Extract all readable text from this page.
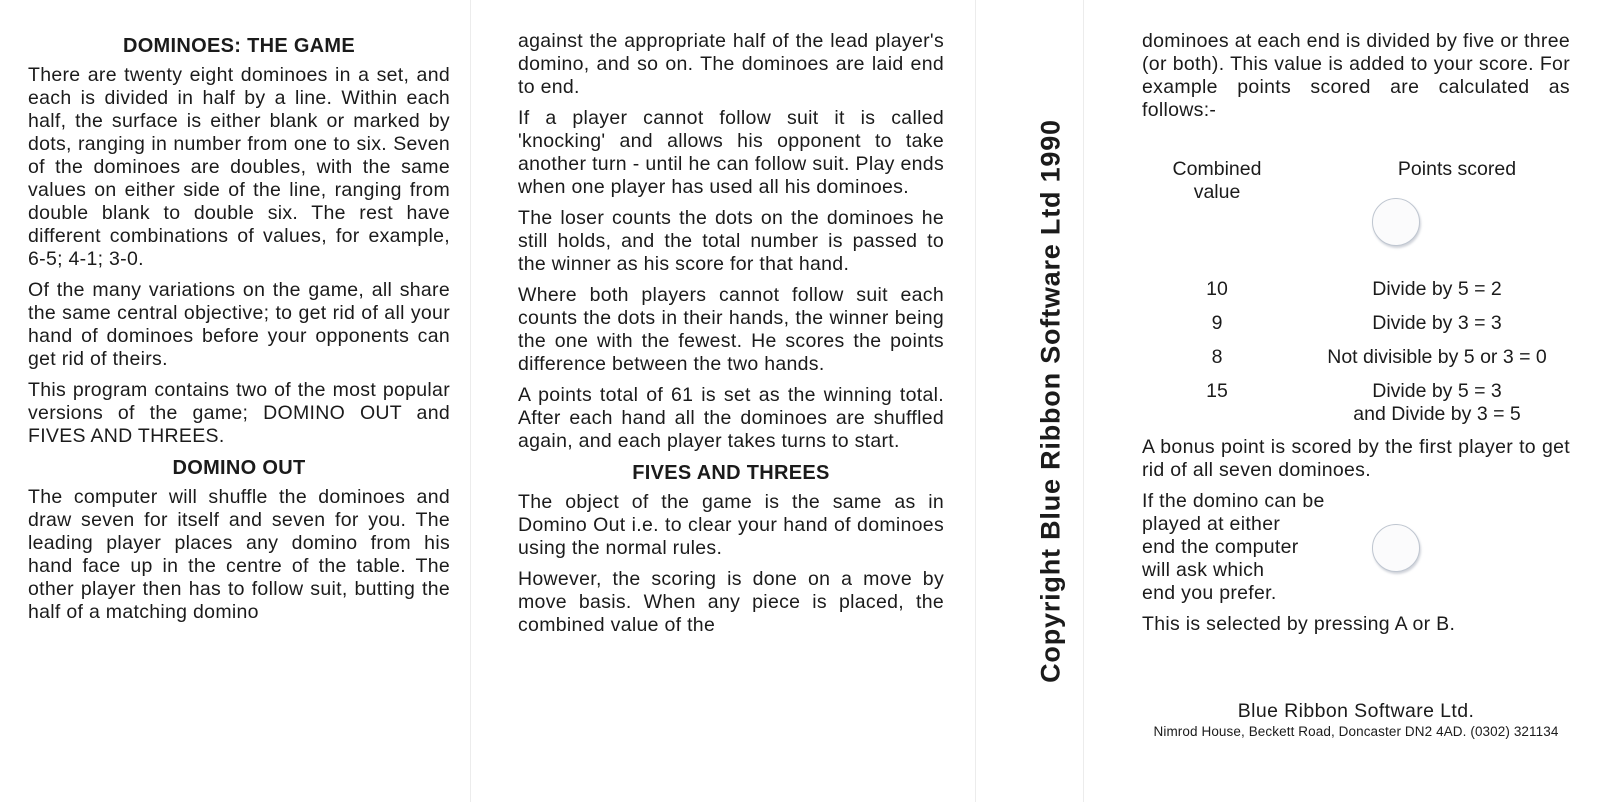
DOMINOES: THE GAME

There are twenty eight dominoes in a set, and each is divided in half by a line. Within each half, the surface is either blank or marked by dots, ranging in number from one to six. Seven of the dominoes are doubles, with the same values on either side of the line, ranging from double blank to double six. The rest have different combinations of values, for example, 6-5; 4-1; 3-0.

Of the many variations on the game, all share the same central objective; to get rid of all your hand of dominoes before your opponents can get rid of theirs.

This program contains two of the most popular versions of the game; DOMINO OUT and FIVES AND THREES.

DOMINO OUT

The computer will shuffle the dominoes and draw seven for itself and seven for you. The leading player places any domino from his hand face up in the centre of the table. The other player then has to follow suit, butting the half of a matching domino

against the appropriate half of the lead player's domino, and so on. The dominoes are laid end to end.

If a player cannot follow suit it is called 'knocking' and allows his opponent to take another turn - until he can follow suit. Play ends when one player has used all his dominoes.

The loser counts the dots on the dominoes he still holds, and the total number is passed to the winner as his score for that hand.

Where both players cannot follow suit each counts the dots in their hands, the winner being the one with the fewest. He scores the points difference between the two hands.

A points total of 61 is set as the winning total. After each hand all the dominoes are shuffled again, and each player takes turns to start.

FIVES AND THREES

The object of the game is the same as in Domino Out i.e. to clear your hand of dominoes using the normal rules.

However, the scoring is done on a move by move basis. When any piece is placed, the combined value of the	Copyright Blue Ribbon Software Ltd 1990

dominoes at each end is divided by five or three (or both). This value is added to your score. For example points scored are calculated as follows:-

Combined
value
Points scored
10	Divide by 5 = 2
9	Divide by 3 = 3
8	Not divisible by 5 or 3 = 0
15	Divide by 5 = 3
and Divide by 3 = 5

A bonus point is scored by the first player to get rid of all seven dominoes.

If the domino can be

played at either

end the computer

will ask which

end you prefer.

This is selected by pressing A or B.

Blue Ribbon Software Ltd.
Nimrod House, Beckett Road, Doncaster DN2 4AD. (0302) 321134
